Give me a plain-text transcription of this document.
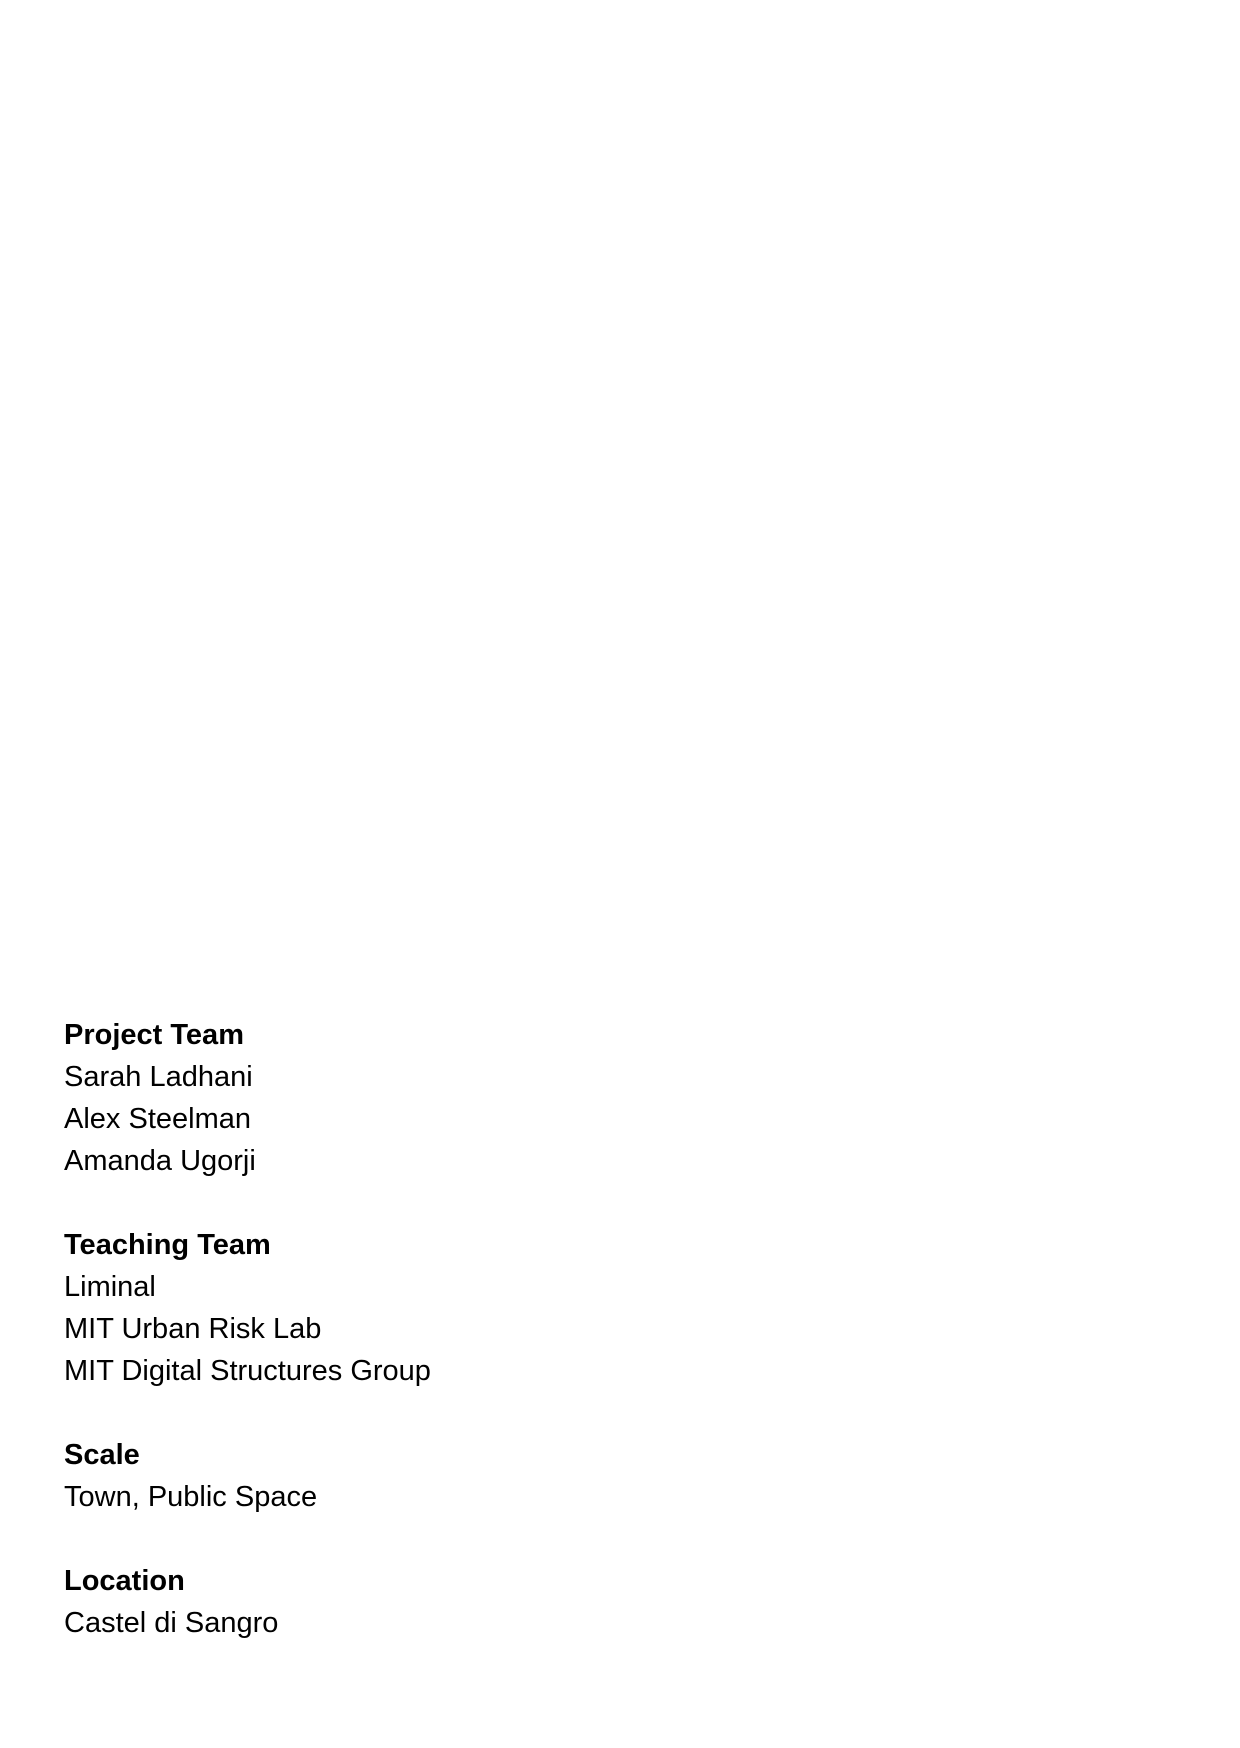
Project Team

Sarah Ladhani

Alex Steelman

Amanda Ugorji

Teaching Team

Liminal

MIT Urban Risk Lab

MIT Digital Structures Group

Scale

Town, Public Space

Location

Castel di Sangro
